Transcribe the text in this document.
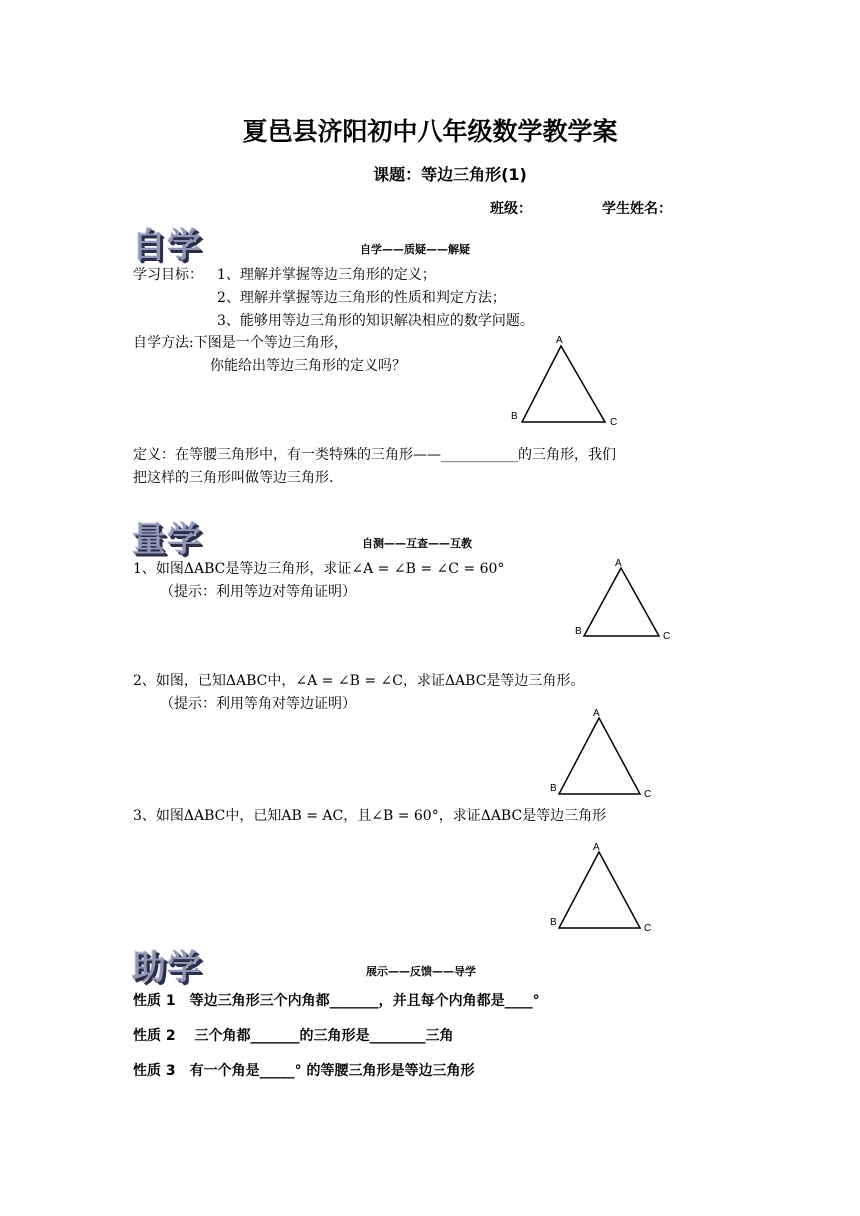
夏邑县济阳初中八年级数学教学案
课题：等边三角形(1)
班级：	学生姓名：
自学	自学——质疑——解疑
学习目标： 1、理解并掌握等边三角形的定义；
2、理解并掌握等边三角形的性质和判定方法；
3、能够用等边三角形的知识解决相应的数学问题。
自学方法:下图是一个等边三角形，
你能给出等边三角形的定义吗？
A
B
C
定义：在等腰三角形中，有一类特殊的三角形——___________的三角形，我们
把这样的三角形叫做等边三角形.
量学	自测——互查——互教
1、如图ΔABC是等边三角形，求证∠A = ∠B = ∠C = 60°
（提示：利用等边对等角证明）
A
B	C
2、如图，已知ΔABC中，∠A = ∠B = ∠C，求证ΔABC是等边三角形。
（提示：利用等角对等边证明）
A
B
C
3、如图ΔABC中，已知AB = AC，且∠B = 60°，求证ΔABC是等边三角形
A
B
C
助学	展示——反馈——导学
性质 1　等边三角形三个内角都_______，并且每个内角都是____°
性质 2　 三个角都_______的三角形是________三角
性质 3　有一个角是_____° 的等腰三角形是等边三角形
